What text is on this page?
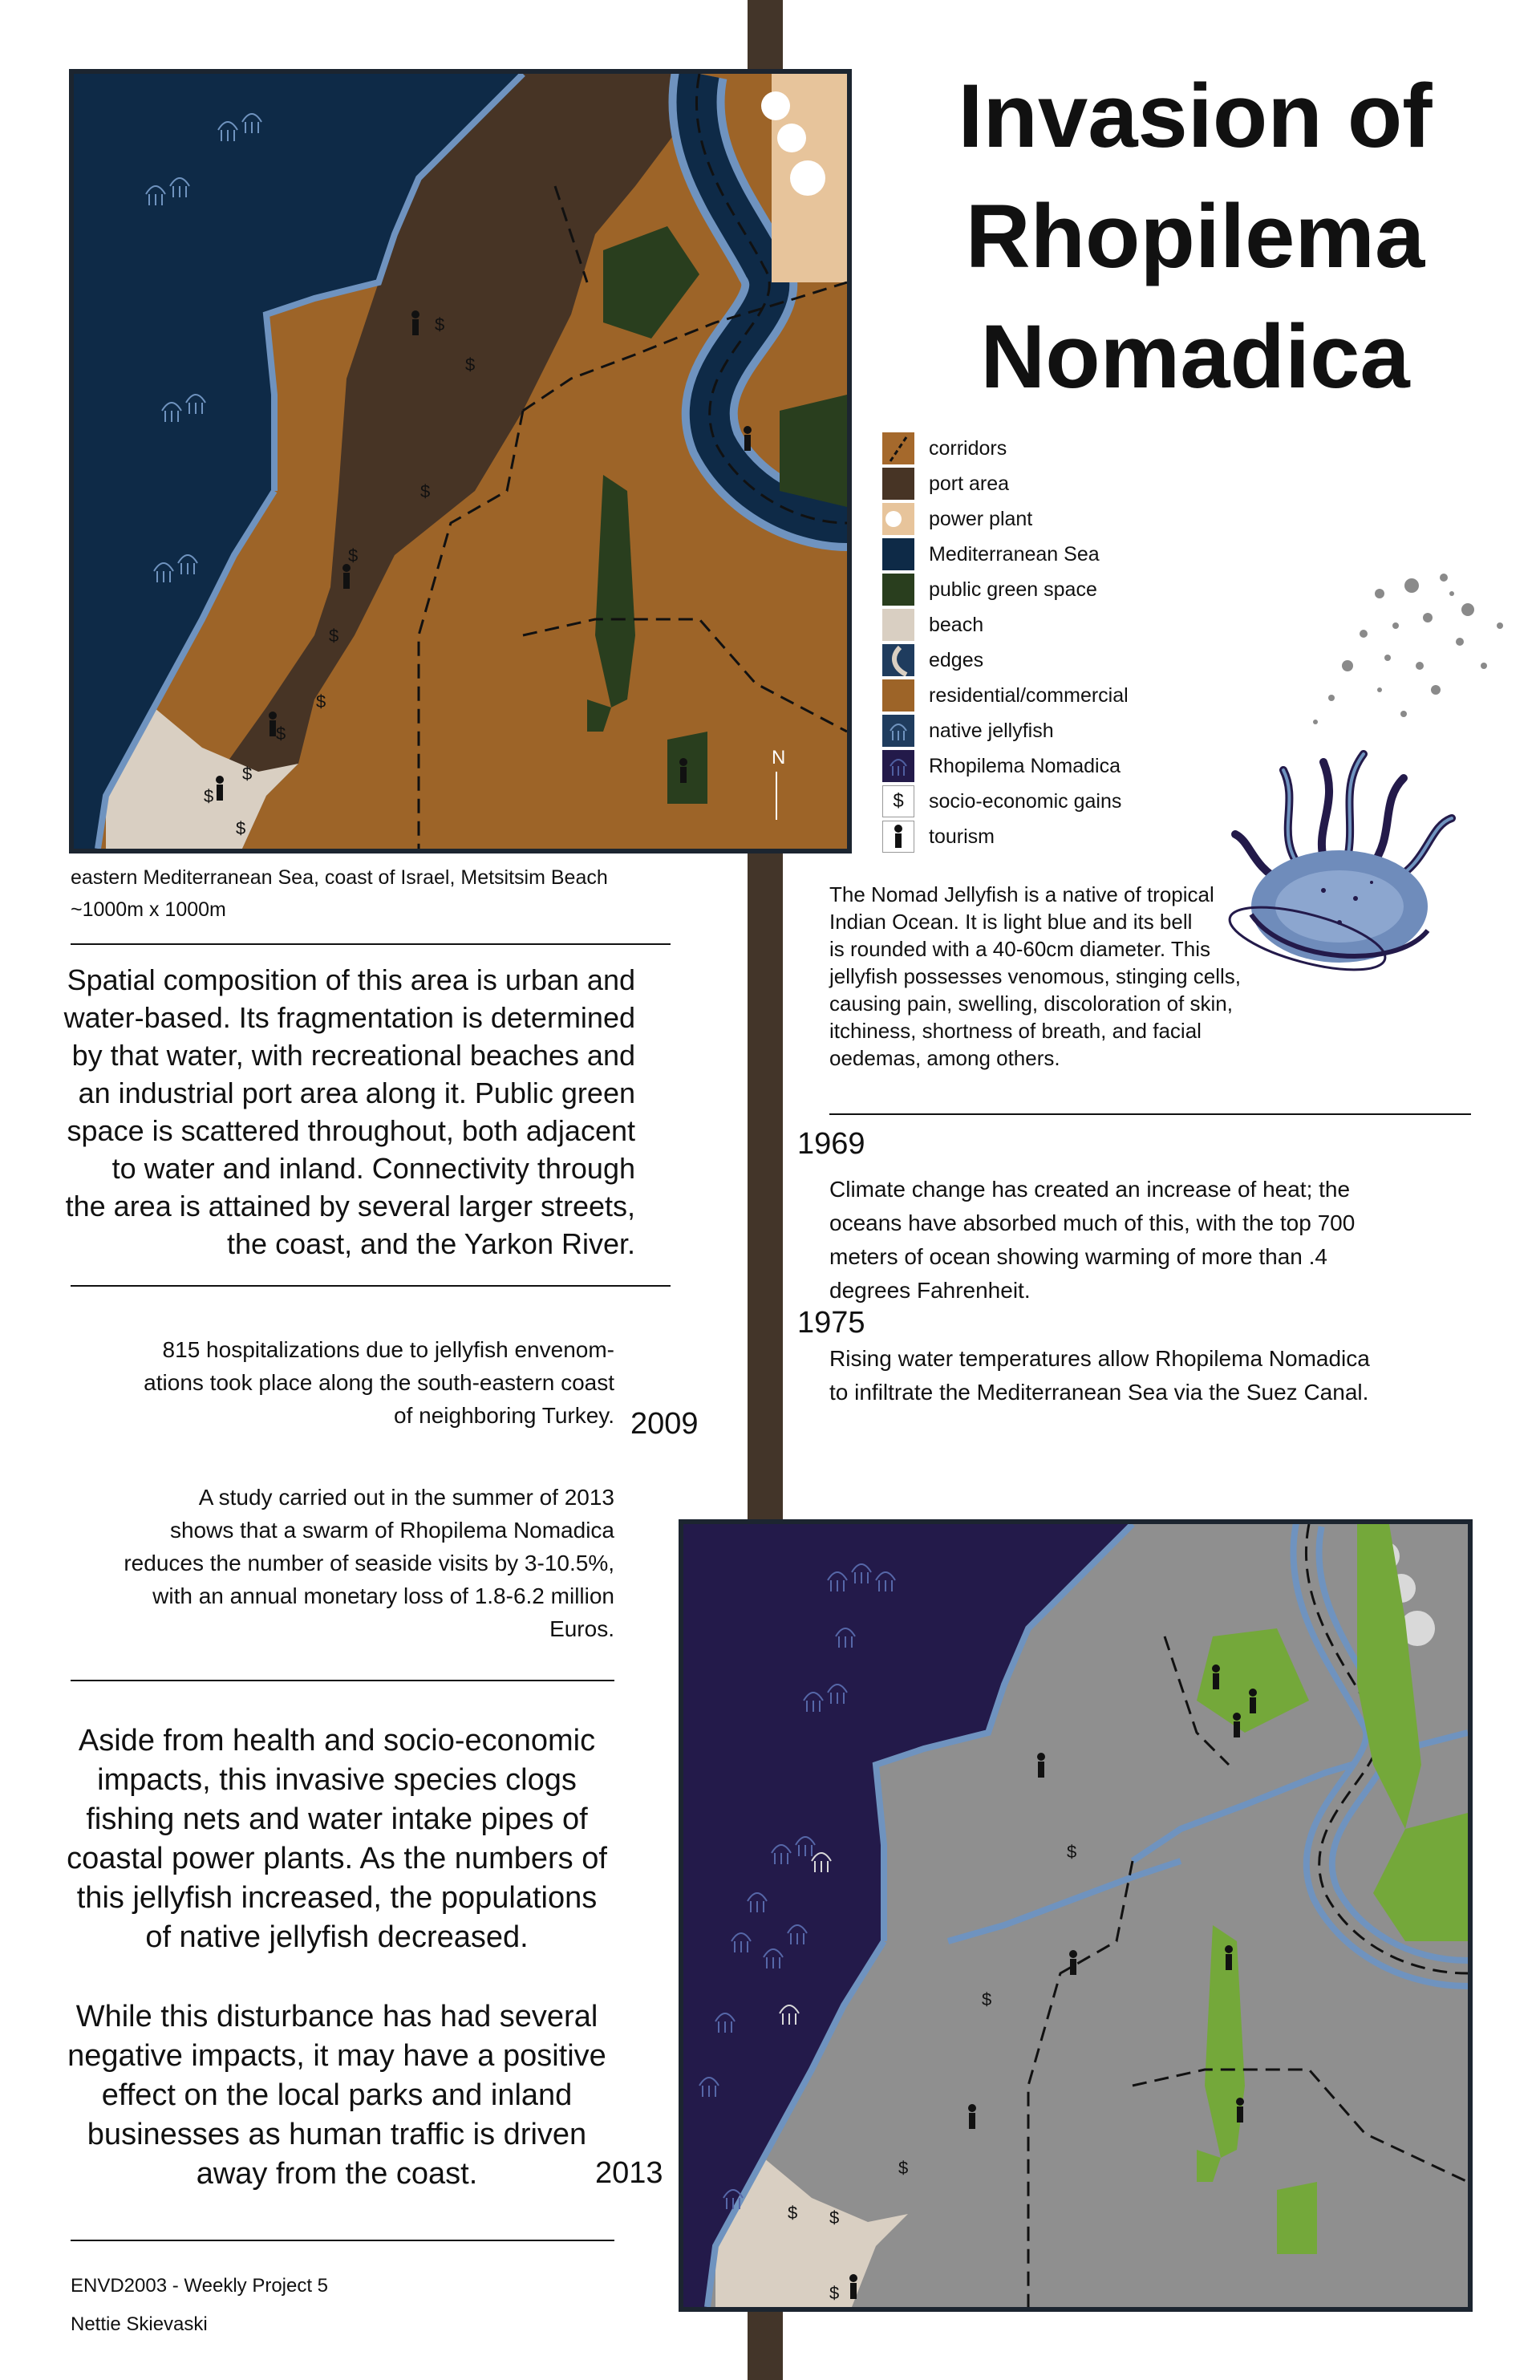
N
$
$
$
$
$
$
$
$
$
$
Invasion of
Rhopilema
Nomadica
corridors
port area
power plant
Mediterranean Sea
public green space
beach
edges
residential/commercial
native jellyfish
Rhopilema Nomadica
$	socio-economic gains
tourism
eastern Mediterranean Sea, coast of Israel, Metsitsim Beach
~1000m x 1000m
Spatial composition of this area is urban and
water-based. Its fragmentation is determined
by that water, with recreational beaches and
an industrial port area along it. Public green
space is scattered throughout, both adjacent
to water and inland. Connectivity through
the area is attained by several larger streets,
the coast, and the Yarkon River.
The Nomad Jellyfish is a native of tropical
Indian Ocean. It is light blue and its bell
is rounded with a 40-60cm diameter. This
jellyfish possesses venomous, stinging cells,
causing pain, swelling, discoloration of skin,
itchiness, shortness of breath, and facial
oedemas, among others.
1969
Climate change has created an increase of heat; the
oceans have absorbed much of this, with the top 700
meters of ocean showing warming of more than .4
degrees Fahrenheit.
1975
Rising water temperatures allow Rhopilema Nomadica
to infiltrate the Mediterranean Sea via the Suez Canal.
815 hospitalizations due to jellyfish envenom-
ations took place along the south-eastern coast
of neighboring Turkey. 2009
A study carried out in the summer of 2013
shows that a swarm of Rhopilema Nomadica
reduces the number of seaside visits by 3-10.5%,
with an annual monetary loss of 1.8-6.2 million
Euros.
Aside from health and socio-economic
impacts, this invasive species clogs
fishing nets and water intake pipes of
coastal power plants. As the numbers of
this jellyfish increased, the populations
of native jellyfish decreased.
While this disturbance has had several
negative impacts, it may have a positive
effect on the local parks and inland
businesses as human traffic is driven
away from the coast.	2013
ENVD2003 - Weekly Project 5
Nettie Skievaski
$
$
$
$ $
$
